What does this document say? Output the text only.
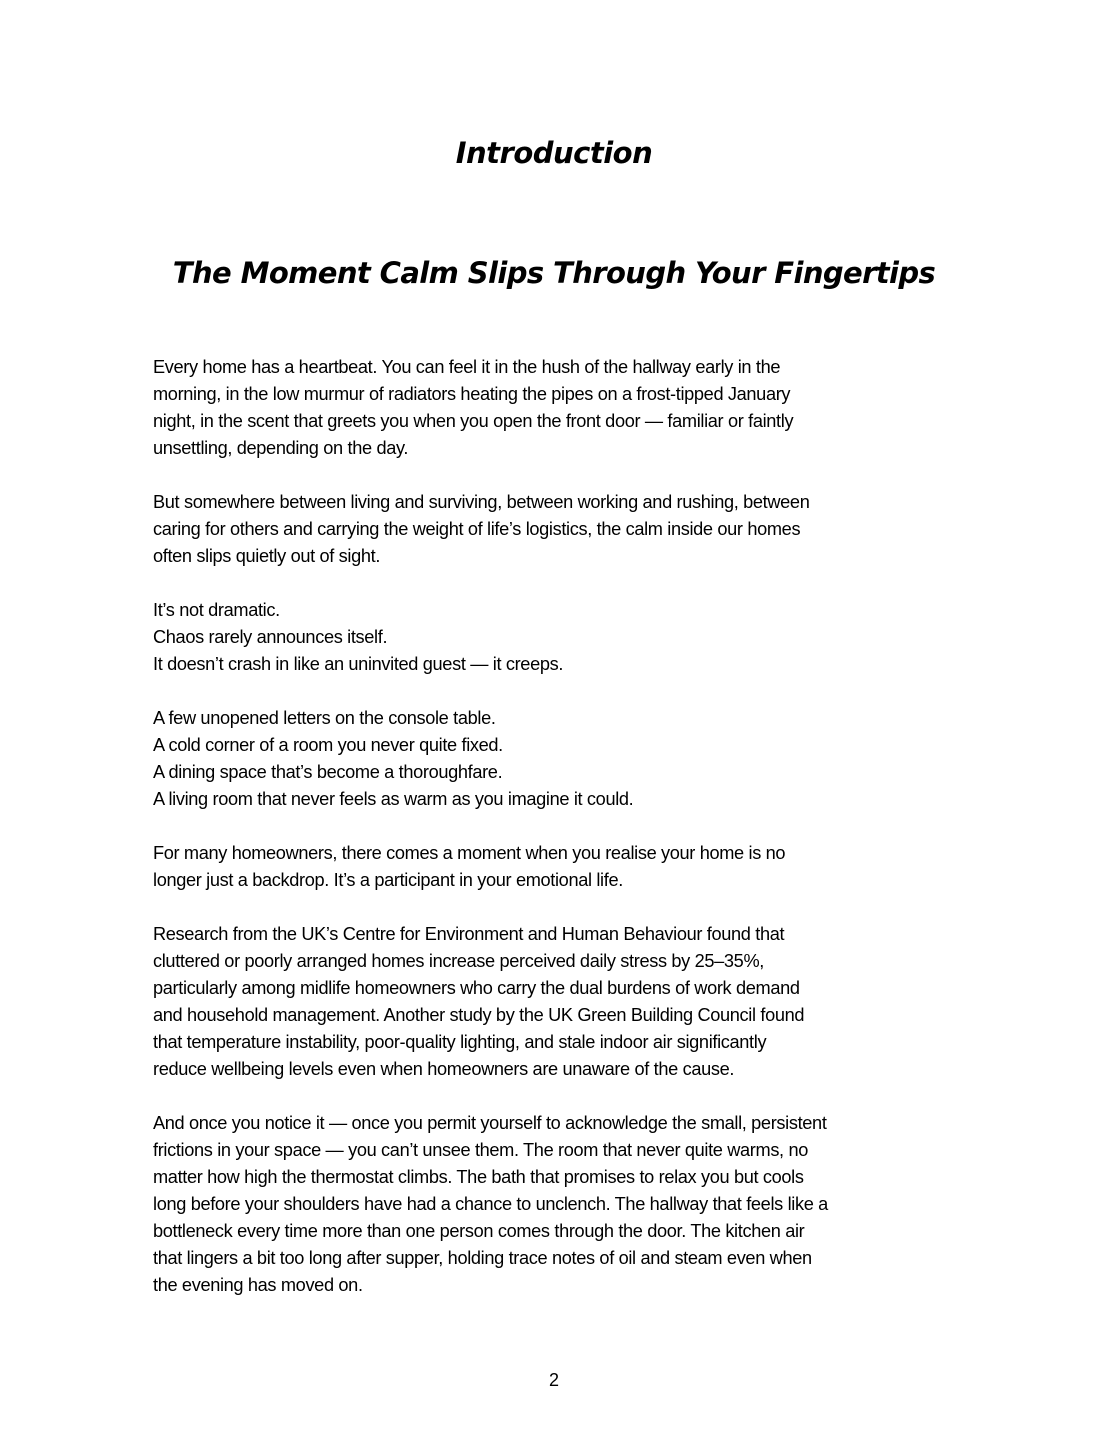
Introduction
The Moment Calm Slips Through Your Fingertips

Every home has a heartbeat. You can feel it in the hush of the hallway early in the
morning, in the low murmur of radiators heating the pipes on a frost-tipped January
night, in the scent that greets you when you open the front door — familiar or faintly
unsettling, depending on the day.

But somewhere between living and surviving, between working and rushing, between
caring for others and carrying the weight of life’s logistics, the calm inside our homes
often slips quietly out of sight.

It’s not dramatic.
Chaos rarely announces itself.
It doesn’t crash in like an uninvited guest — it creeps.

A few unopened letters on the console table.
A cold corner of a room you never quite fixed.
A dining space that’s become a thoroughfare.
A living room that never feels as warm as you imagine it could.

For many homeowners, there comes a moment when you realise your home is no
longer just a backdrop. It’s a participant in your emotional life.

Research from the UK’s Centre for Environment and Human Behaviour found that
cluttered or poorly arranged homes increase perceived daily stress by 25–35%,
particularly among midlife homeowners who carry the dual burdens of work demand
and household management. Another study by the UK Green Building Council found
that temperature instability, poor-quality lighting, and stale indoor air significantly
reduce wellbeing levels even when homeowners are unaware of the cause.

And once you notice it — once you permit yourself to acknowledge the small, persistent
frictions in your space — you can’t unsee them. The room that never quite warms, no
matter how high the thermostat climbs. The bath that promises to relax you but cools
long before your shoulders have had a chance to unclench. The hallway that feels like a
bottleneck every time more than one person comes through the door. The kitchen air
that lingers a bit too long after supper, holding trace notes of oil and steam even when
the evening has moved on.

2
